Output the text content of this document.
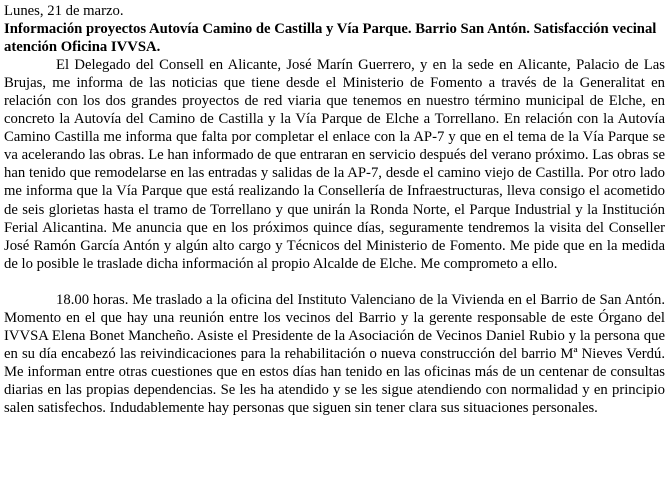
Lunes, 21 de marzo.

Información proyectos Autovía Camino de Castilla y Vía Parque. Barrio San Antón. Satisfacción vecinal atención Oficina IVVSA.

El Delegado del Consell en Alicante, José Marín Guerrero, y en la sede en Alicante, Palacio de Las Brujas, me informa de las noticias que tiene desde el Ministerio de Fomento a través de la Generalitat en relación con los dos grandes proyectos de red viaria que tenemos en nuestro término municipal de Elche, en concreto la Autovía del Camino de Castilla y la Vía Parque de Elche a Torrellano. En relación con la Autovía Camino Castilla me informa que falta por completar el enlace con la AP-7 y que en el tema de la Vía Parque se va acelerando las obras. Le han informado de que entraran en servicio después del verano próximo. Las obras se han tenido que remodelarse en las entradas y salidas de la AP-7, desde el camino viejo de Castilla. Por otro lado me informa que la Vía Parque que está realizando la Consellería de Infraestructuras, lleva consigo el acometido de seis glorietas hasta el tramo de Torrellano y que unirán la Ronda Norte, el Parque Industrial y la Institución Ferial Alicantina. Me anuncia que en los próximos quince días, seguramente tendremos la visita del Conseller José Ramón García Antón y algún alto cargo y Técnicos del Ministerio de Fomento. Me pide que en la medida de lo posible le traslade dicha información al propio Alcalde de Elche. Me comprometo a ello.

18.00 horas. Me traslado a la oficina del Instituto Valenciano de la Vivienda en el Barrio de San Antón. Momento en el que hay una reunión entre los vecinos del Barrio y la gerente responsable de este Órgano del IVVSA Elena Bonet Mancheño. Asiste el Presidente de la Asociación de Vecinos Daniel Rubio y la persona que en su día encabezó las reivindicaciones para la rehabilitación o nueva construcción del barrio Mª Nieves Verdú. Me informan entre otras cuestiones que en estos días han tenido en las oficinas más de un centenar de consultas diarias en las propias dependencias. Se les ha atendido y se les sigue atendiendo con normalidad y en principio salen satisfechos. Indudablemente hay personas que siguen sin tener clara sus situaciones personales.
